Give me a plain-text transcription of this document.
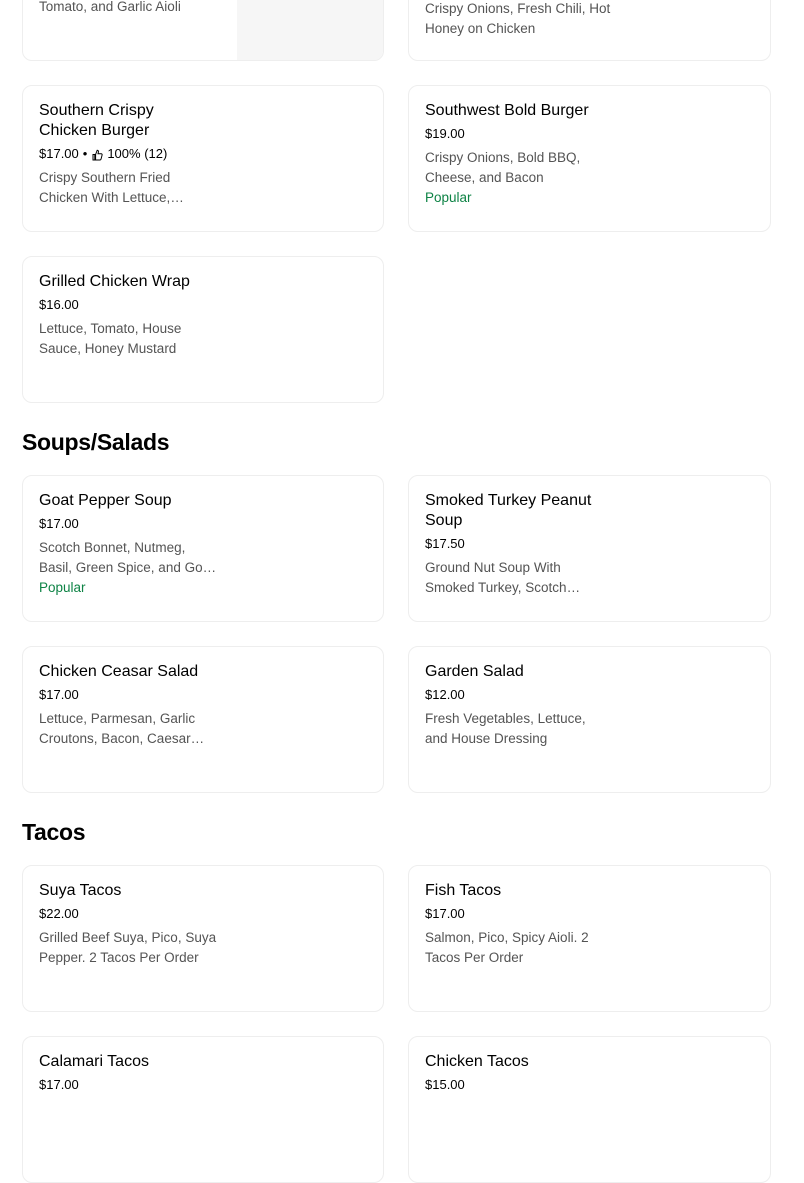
Tomato, and Garlic Aioli	Crispy Onions, Fresh Chili, Hot Honey on Chicken
Southern Crispy Chicken Burger
$17.00 • 100% (12)
Crispy Southern Fried Chicken With Lettuce,
Southwest Bold Burger
$19.00
Crispy Onions, Bold BBQ, Cheese, and Bacon
Popular
Grilled Chicken Wrap
$16.00
Lettuce, Tomato, House Sauce, Honey Mustard
Soups/Salads
Goat Pepper Soup
$17.00
Scotch Bonnet, Nutmeg, Basil, Green Spice, and Goat
Popular
Smoked Turkey Peanut Soup
$17.50
Ground Nut Soup With Smoked Turkey, Scotch
Chicken Ceasar Salad
$17.00
Lettuce, Parmesan, Garlic Croutons, Bacon, Caesar
Garden Salad
$12.00
Fresh Vegetables, Lettuce, and House Dressing
Tacos
Suya Tacos
$22.00
Grilled Beef Suya, Pico, Suya Pepper. 2 Tacos Per Order
Fish Tacos
$17.00
Salmon, Pico, Spicy Aioli. 2 Tacos Per Order
Calamari Tacos
$17.00
Chicken Tacos
$15.00
